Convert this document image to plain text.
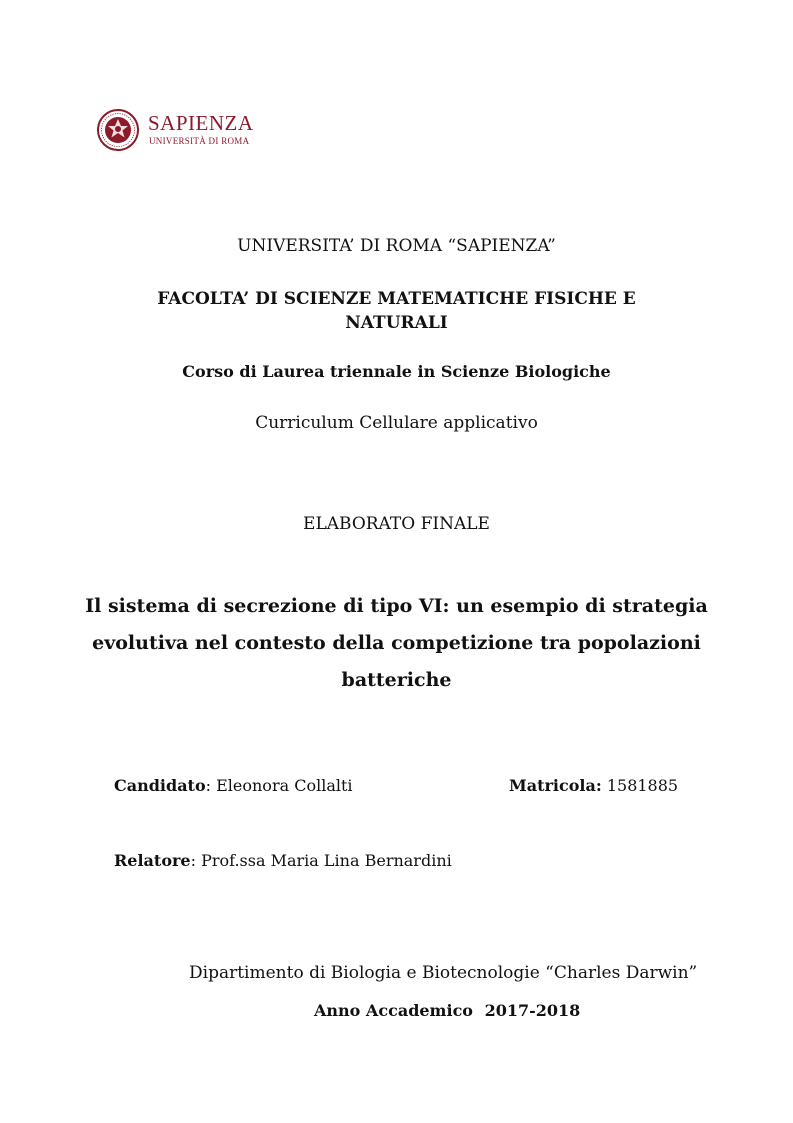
SAPIENZA
UNIVERSITÀ DI ROMA
UNIVERSITA’ DI ROMA “SAPIENZA”
FACOLTA’ DI SCIENZE MATEMATICHE FISICHE E
NATURALI
Corso di Laurea triennale in Scienze Biologiche
Curriculum Cellulare applicativo
ELABORATO FINALE
Il sistema di secrezione di tipo VI: un esempio di strategia
evolutiva nel contesto della competizione tra popolazioni
batteriche
Candidato: Eleonora Collalti	Matricola: 1581885
Relatore: Prof.ssa Maria Lina Bernardini
Dipartimento di Biologia e Biotecnologie “Charles Darwin”
Anno Accademico 2017-2018
